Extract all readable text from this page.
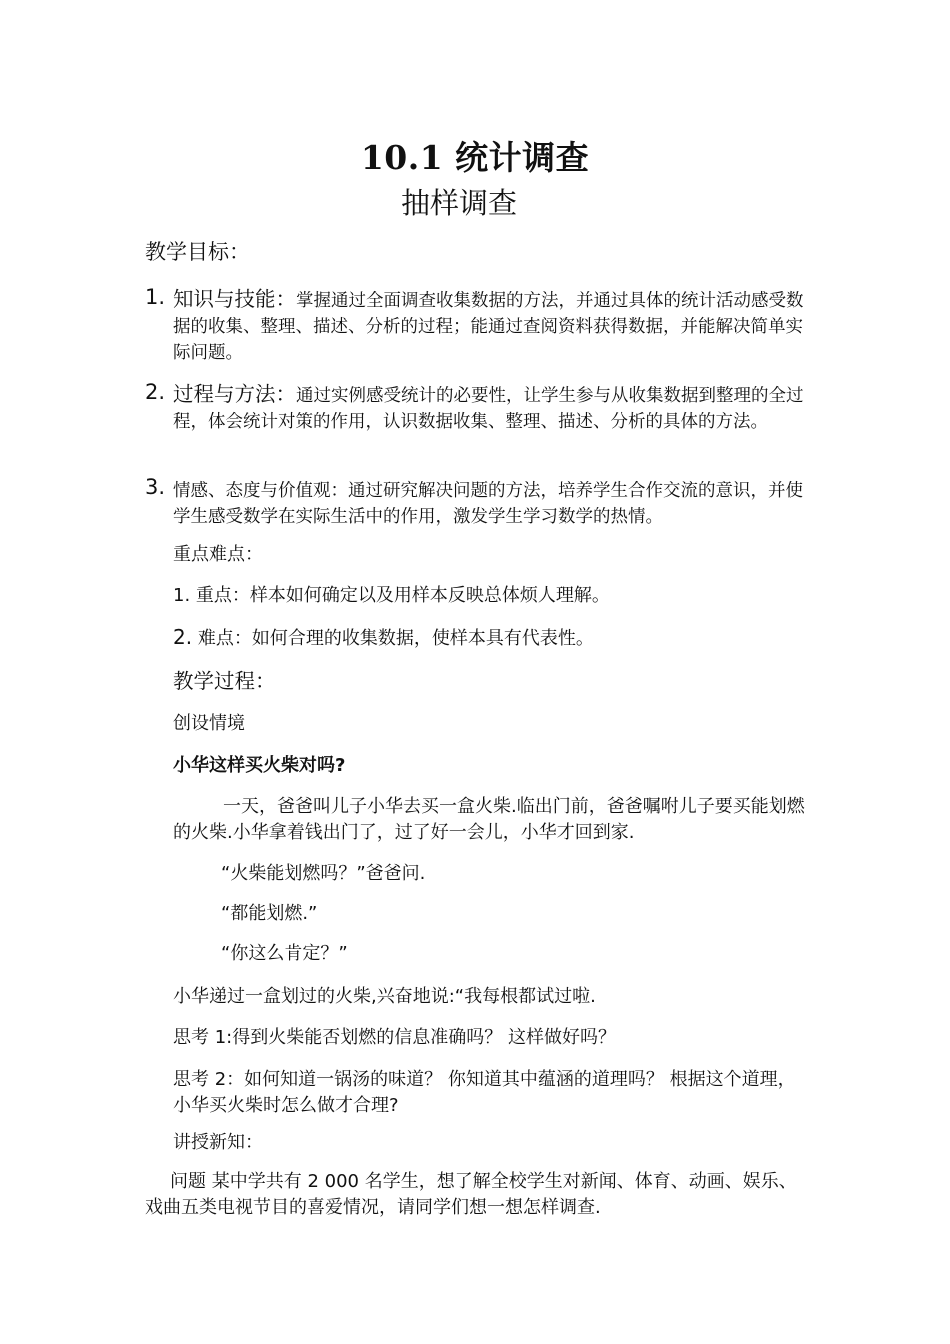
10.1 统计调查
抽样调查

教学目标：

1. 知识与技能：掌握通过全面调查收集数据的方法，并通过具体的统计活动感受数据的收集、整理、描述、分析的过程；能通过查阅资料获得数据，并能解决简单实际问题。
2. 过程与方法：通过实例感受统计的必要性，让学生参与从收集数据到整理的全过程，体会统计对策的作用，认识数据收集、整理、描述、分析的具体的方法。
3. 情感、态度与价值观：通过研究解决问题的方法，培养学生合作交流的意识，并使学生感受数学在实际生活中的作用，激发学生学习数学的热情。

重点难点：

1. 重点：样本如何确定以及用样本反映总体烦人理解。

2. 难点：如何合理的收集数据，使样本具有代表性。

教学过程：

创设情境

小华这样买火柴对吗?

一天，爸爸叫儿子小华去买一盒火柴.临出门前，爸爸嘱咐儿子要买能划燃的火柴.小华拿着钱出门了，过了好一会儿，小华才回到家.

“火柴能划燃吗？”爸爸问.

“都能划燃.”

“你这么肯定？”

小华递过一盒划过的火柴,兴奋地说:“我每根都试过啦.

思考 1:得到火柴能否划燃的信息准确吗？ 这样做好吗？

思考 2：如何知道一锅汤的味道？ 你知道其中蕴涵的道理吗？ 根据这个道理，小华买火柴时怎么做才合理?

讲授新知：

问题 某中学共有 2 000 名学生，想了解全校学生对新闻、体育、动画、娱乐、戏曲五类电视节目的喜爱情况，请同学们想一想怎样调查.
